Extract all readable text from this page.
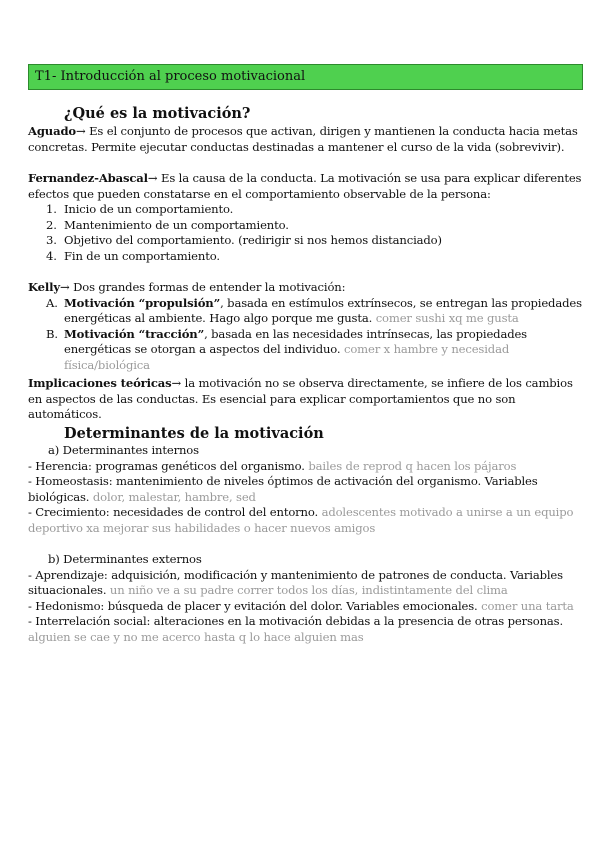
T1- Introducción al proceso motivacional
¿Qué es la motivación?

Aguado→ Es el conjunto de procesos que activan, dirigen y mantienen la conducta hacia metas concretas. Permite ejecutar conductas destinadas a mantener el curso de la vida (sobrevivir).

Fernandez-Abascal→ Es la causa de la conducta. La motivación se usa para explicar diferentes efectos que pueden constatarse en el comportamiento observable de la persona:

1. Inicio de un comportamiento.
2. Mantenimiento de un comportamiento.
3. Objetivo del comportamiento. (redirigir si nos hemos distanciado)
4. Fin de un comportamiento.

Kelly→ Dos grandes formas de entender la motivación:

A. Motivación “propulsión”, basada en estímulos extrínsecos, se entregan las propiedades energéticas al ambiente. Hago algo porque me gusta. comer sushi xq me gusta
B. Motivación “tracción”, basada en las necesidades intrínsecas, las propiedades energéticas se otorgan a aspectos del individuo. comer x hambre y necesidad física/biológica

Implicaciones teóricas→ la motivación no se observa directamente, se infiere de los cambios en aspectos de las conductas. Es esencial para explicar comportamientos que no son automáticos.

Determinantes de la motivación
a) Determinantes internos

- Herencia: programas genéticos del organismo. bailes de reprod q hacen los pájaros

- Homeostasis: mantenimiento de niveles óptimos de activación del organismo. Variables biológicas. dolor, malestar, hambre, sed

- Crecimiento: necesidades de control del entorno. adolescentes motivado a unirse a un equipo deportivo xa mejorar sus habilidades o hacer nuevos amigos

b) Determinantes externos

- Aprendizaje: adquisición, modificación y mantenimiento de patrones de conducta. Variables situacionales. un niño ve a su padre correr todos los días, indistintamente del clima

- Hedonismo: búsqueda de placer y evitación del dolor. Variables emocionales. comer una tarta

- Interrelación social: alteraciones en la motivación debidas a la presencia de otras personas. alguien se cae y no me acerco hasta q lo hace alguien mas
